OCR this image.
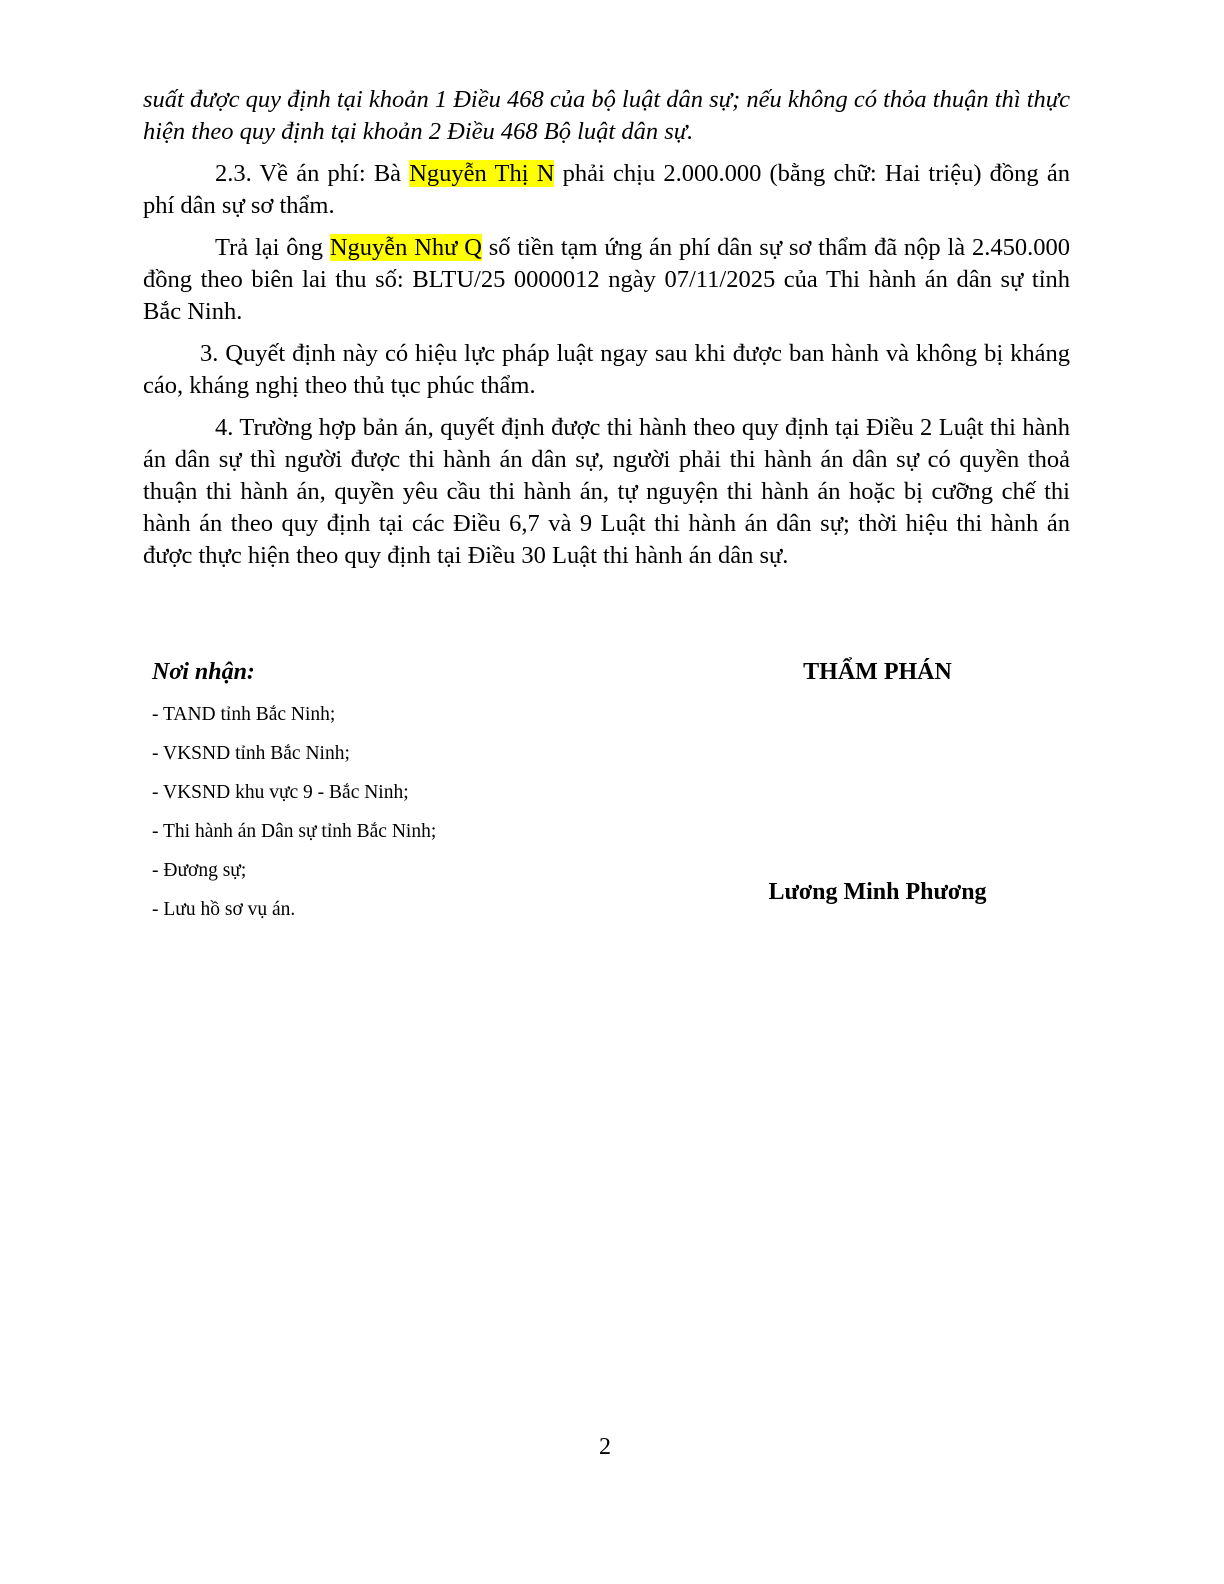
suất được quy định tại khoản 1 Điều 468 của bộ luật dân sự; nếu không có thỏa thuận thì thực hiện theo quy định tại khoản 2 Điều 468 Bộ luật dân sự.

2.3. Về án phí: Bà Nguyễn Thị N phải chịu 2.000.000 (bằng chữ: Hai triệu) đồng án phí dân sự sơ thẩm.

Trả lại ông Nguyễn Như Q số tiền tạm ứng án phí dân sự sơ thẩm đã nộp là 2.450.000 đồng theo biên lai thu số: BLTU/25 0000012 ngày 07/11/2025 của Thi hành án dân sự tỉnh Bắc Ninh.

3. Quyết định này có hiệu lực pháp luật ngay sau khi được ban hành và không bị kháng cáo, kháng nghị theo thủ tục phúc thẩm.

4. Trường hợp bản án, quyết định được thi hành theo quy định tại Điều 2 Luật thi hành án dân sự thì người được thi hành án dân sự, người phải thi hành án dân sự có quyền thoả thuận thi hành án, quyền yêu cầu thi hành án, tự nguyện thi hành án hoặc bị cưỡng chế thi hành án theo quy định tại các Điều 6,7 và 9 Luật thi hành án dân sự; thời hiệu thi hành án được thực hiện theo quy định tại Điều 30 Luật thi hành án dân sự.

Nơi nhận:

- TAND tỉnh Bắc Ninh;
- VKSND tỉnh Bắc Ninh;
- VKSND khu vực 9 - Bắc Ninh;
- Thi hành án Dân sự tỉnh Bắc Ninh;
- Đương sự;
- Lưu hồ sơ vụ án.

THẨM PHÁN

Lương Minh Phương

2
